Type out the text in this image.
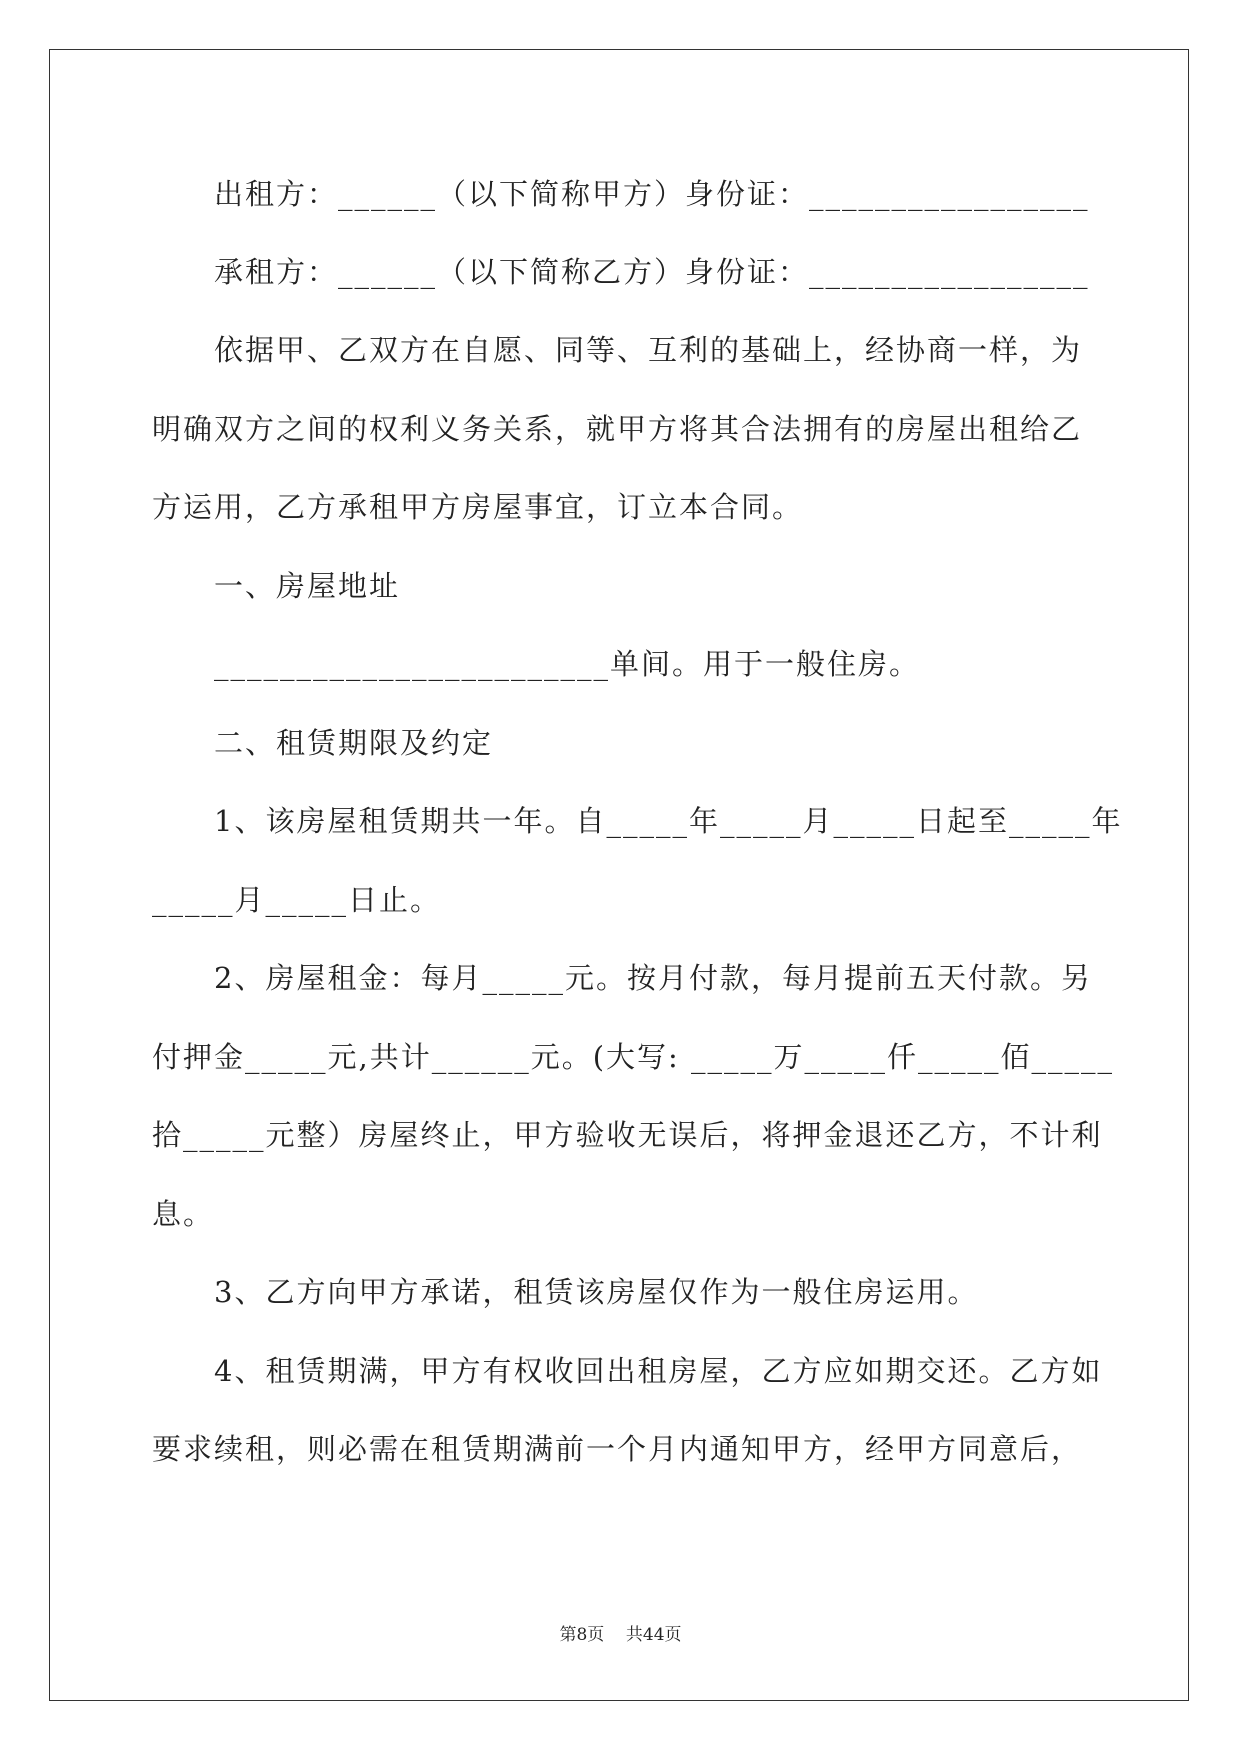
出租方：______（以下简称甲方）身份证：_________________
承租方：______（以下简称乙方）身份证：_________________
依据甲、乙双方在自愿、同等、互利的基础上，经协商一样，为
明确双方之间的权利义务关系，就甲方将其合法拥有的房屋出租给乙
方运用，乙方承租甲方房屋事宜，订立本合同。
一、房屋地址
________________________单间。用于一般住房。
二、租赁期限及约定
1、该房屋租赁期共一年。自_____年_____月_____日起至_____年
_____月_____日止。
2、房屋租金：每月_____元。按月付款，每月提前五天付款。另
付押金_____元,共计______元。(大写: _____万_____仟_____佰_____
拾_____元整）房屋终止，甲方验收无误后，将押金退还乙方，不计利
息。
3、乙方向甲方承诺，租赁该房屋仅作为一般住房运用。
4、租赁期满，甲方有权收回出租房屋，乙方应如期交还。乙方如
要求续租，则必需在租赁期满前一个月内通知甲方，经甲方同意后，
第8页    共44页
